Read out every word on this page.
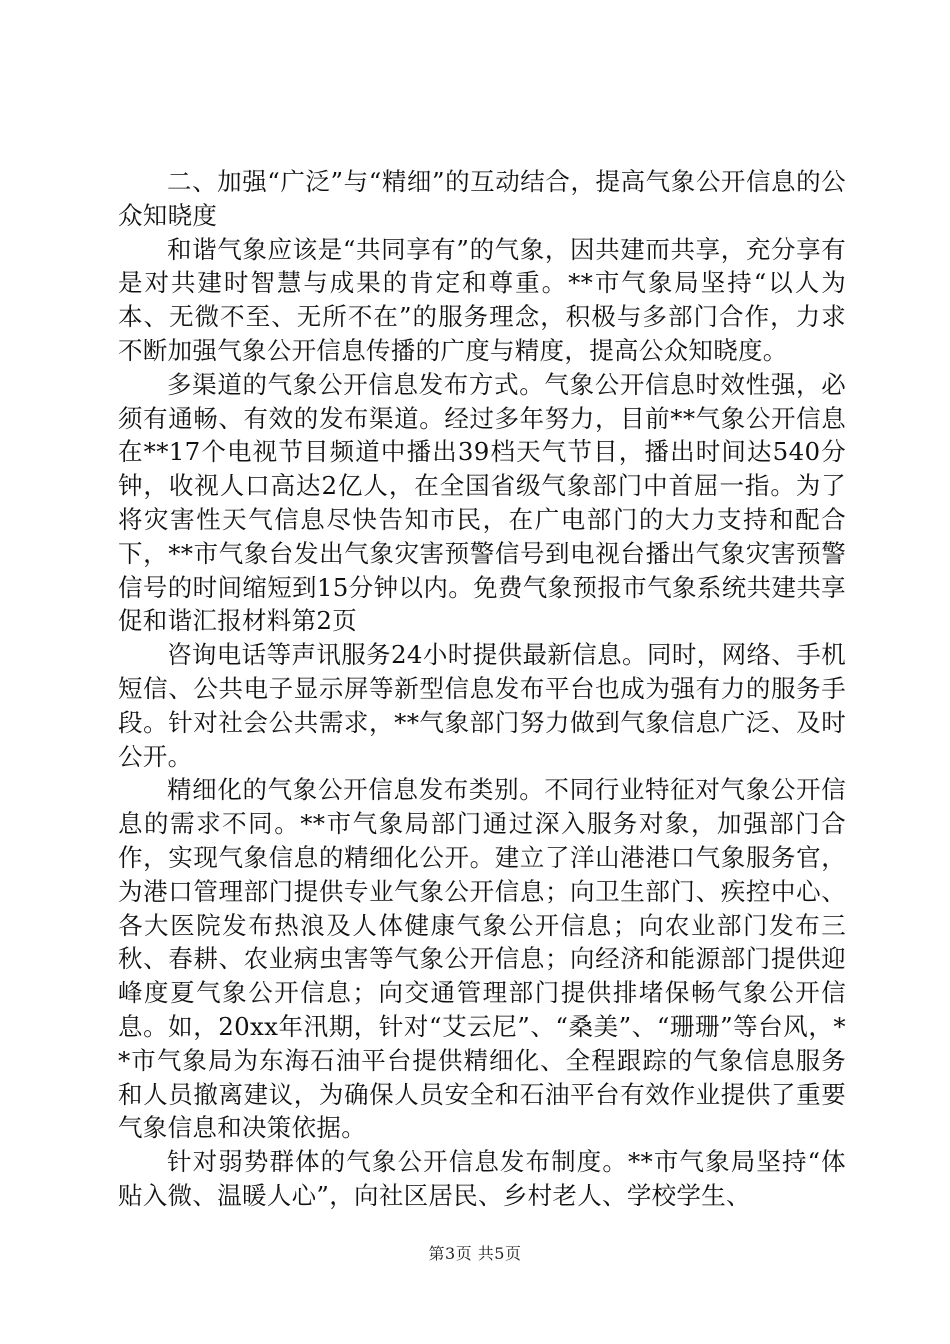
二、加强“广泛”与“精细”的互动结合，提高气象公开信息的公众知晓度

和谐气象应该是“共同享有”的气象，因共建而共享，充分享有是对共建时智慧与成果的肯定和尊重。**市气象局坚持“以人为本、无微不至、无所不在”的服务理念，积极与多部门合作，力求不断加强气象公开信息传播的广度与精度，提高公众知晓度。

多渠道的气象公开信息发布方式。气象公开信息时效性强，必须有通畅、有效的发布渠道。经过多年努力，目前**气象公开信息在**17个电视节目频道中播出39档天气节目，播出时间达540分钟，收视人口高达2亿人，在全国省级气象部门中首屈一指。为了将灾害性天气信息尽快告知市民，在广电部门的大力支持和配合下，**市气象台发出气象灾害预警信号到电视台播出气象灾害预警信号的时间缩短到15分钟以内。免费气象预报市气象系统共建共享促和谐汇报材料第2页

咨询电话等声讯服务24小时提供最新信息。同时，网络、手机短信、公共电子显示屏等新型信息发布平台也成为强有力的服务手段。针对社会公共需求，**气象部门努力做到气象信息广泛、及时公开。

精细化的气象公开信息发布类别。不同行业特征对气象公开信息的需求不同。**市气象局部门通过深入服务对象，加强部门合作，实现气象信息的精细化公开。建立了洋山港港口气象服务官，为港口管理部门提供专业气象公开信息；向卫生部门、疾控中心、各大医院发布热浪及人体健康气象公开信息；向农业部门发布三秋、春耕、农业病虫害等气象公开信息；向经济和能源部门提供迎峰度夏气象公开信息；向交通管理部门提供排堵保畅气象公开信息。如，20xx年汛期，针对“艾云尼”、“桑美”、“珊珊”等台风，**市气象局为东海石油平台提供精细化、全程跟踪的气象信息服务和人员撤离建议，为确保人员安全和石油平台有效作业提供了重要气象信息和决策依据。

针对弱势群体的气象公开信息发布制度。**市气象局坚持“体贴入微、温暖人心”，向社区居民、乡村老人、学校学生、

第3页 共5页
